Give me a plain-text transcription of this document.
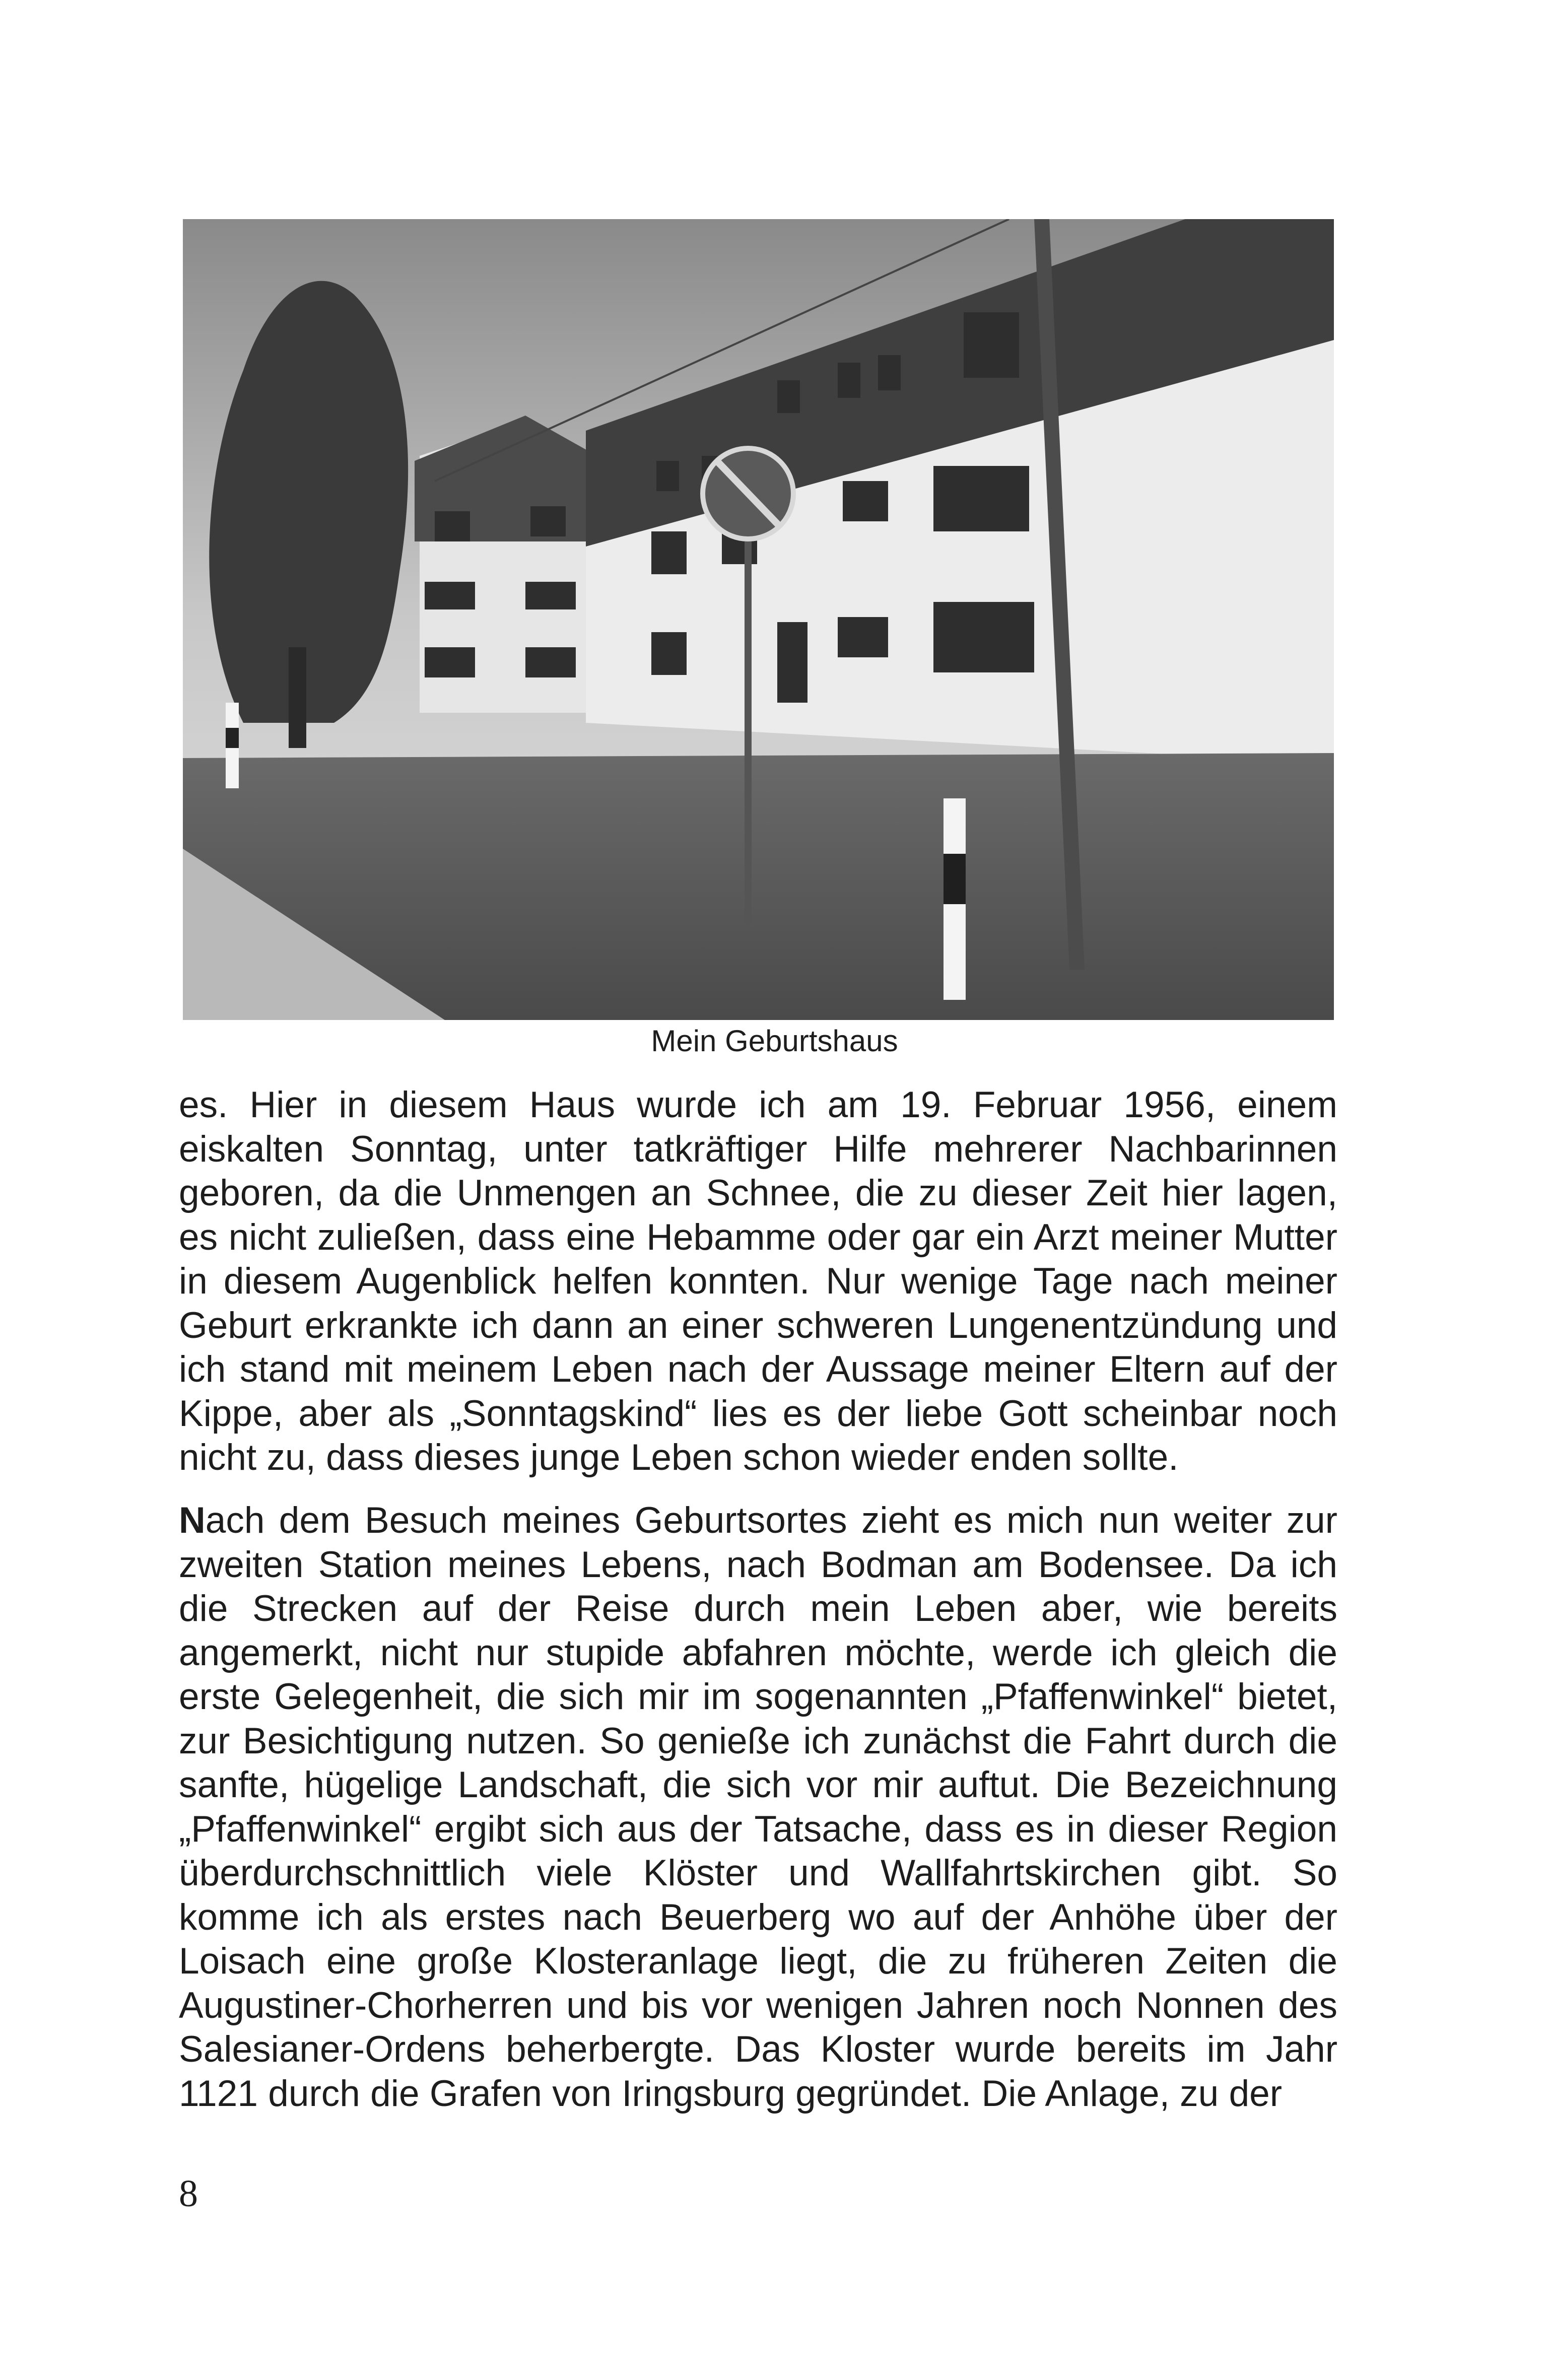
Mein Geburtshaus

es. Hier in diesem Haus wurde ich am 19. Februar 1956, einem eiskalten Sonntag, unter tatkräftiger Hilfe mehrerer Nachbarinnen geboren, da die Unmengen an Schnee, die zu dieser Zeit hier lagen, es nicht zuließen, dass eine Hebamme oder gar ein Arzt meiner Mutter in diesem Augenblick helfen konnten. Nur wenige Tage nach meiner Geburt erkrankte ich dann an einer schweren Lungenentzündung und ich stand mit meinem Leben nach der Aussage meiner Eltern auf der Kippe, aber als „Sonntagskind“ lies es der liebe Gott scheinbar noch nicht zu, dass dieses junge Leben schon wieder enden sollte.

Nach dem Besuch meines Geburtsortes zieht es mich nun weiter zur zweiten Station meines Lebens, nach Bodman am Bodensee. Da ich die Strecken auf der Reise durch mein Leben aber, wie bereits angemerkt, nicht nur stupide abfahren möchte, werde ich gleich die erste Gelegenheit, die sich mir im sogenannten „Pfaffenwinkel“ bietet, zur Besichtigung nutzen. So genieße ich zunächst die Fahrt durch die sanfte, hügelige Landschaft, die sich vor mir auftut. Die Bezeichnung „Pfaffenwinkel“ ergibt sich aus der Tatsache, dass es in dieser Region überdurchschnittlich viele Klöster und Wallfahrtskirchen gibt. So komme ich als erstes nach Beuerberg wo auf der Anhöhe über der Loisach eine große Klosteranlage liegt, die zu früheren Zeiten die Augustiner-Chorherren und bis vor wenigen Jahren noch Nonnen des Salesianer-Ordens beherbergte. Das Kloster wurde bereits im Jahr 1121 durch die Grafen von Iringsburg gegründet. Die Anlage, zu der

8
